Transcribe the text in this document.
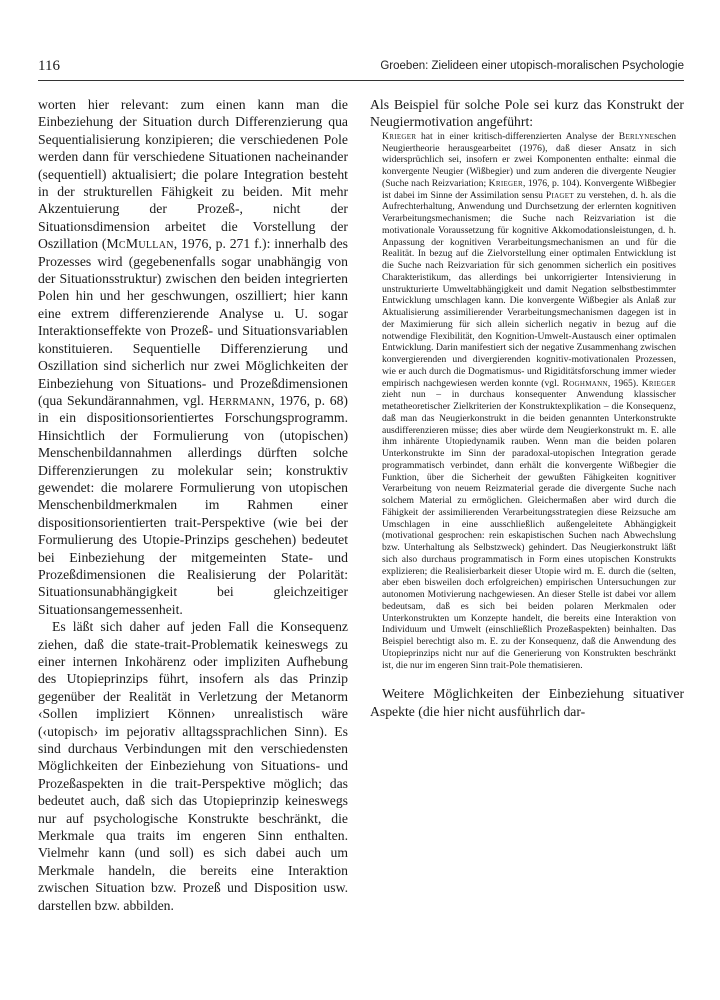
116	Groeben: Zielideen einer utopisch-moralischen Psychologie

worten hier relevant: zum einen kann man die Einbeziehung der Situation durch Differenzierung qua Sequentialisierung konzipieren; die verschiedenen Pole werden dann für verschiedene Situationen nacheinander (sequentiell) aktualisiert; die polare Integration besteht in der strukturellen Fähigkeit zu beiden. Mit mehr Akzentuierung der Prozeß-, nicht der Situationsdimension arbeitet die Vorstellung der Oszillation (McMullan, 1976, p. 271 f.): innerhalb des Prozesses wird (gegebenenfalls sogar unabhängig von der Situationsstruktur) zwischen den beiden integrierten Polen hin und her geschwungen, oszilliert; hier kann eine extrem differenzierende Analyse u. U. sogar Interaktionseffekte von Prozeß- und Situationsvariablen konstituieren. Sequentielle Differenzierung und Oszillation sind sicherlich nur zwei Möglichkeiten der Einbeziehung von Situations- und Prozeßdimensionen (qua Sekundärannahmen, vgl. Herrmann, 1976, p. 68) in ein dispositionsorientiertes Forschungsprogramm. Hinsichtlich der Formulierung von (utopischen) Menschenbildannahmen allerdings dürften solche Differenzierungen zu molekular sein; konstruktiv gewendet: die molarere Formulierung von utopischen Menschenbildmerkmalen im Rahmen einer dispositionsorientierten trait-Perspektive (wie bei der Formulierung des Utopie-Prinzips geschehen) bedeutet bei Einbeziehung der mitgemeinten State- und Prozeßdimensionen die Realisierung der Polarität: Situationsunabhängigkeit bei gleichzeitiger Situationsangemessenheit.

Es läßt sich daher auf jeden Fall die Konsequenz ziehen, daß die state-trait-Problematik keineswegs zu einer internen Inkohärenz oder impliziten Aufhebung des Utopieprinzips führt, insofern als das Prinzip gegenüber der Realität in Verletzung der Metanorm ‹Sollen impliziert Können› unrealistisch wäre (‹utopisch› im pejorativ alltagssprachlichen Sinn). Es sind durchaus Verbindungen mit den verschiedensten Möglichkeiten der Einbeziehung von Situations- und Prozeßaspekten in die trait-Perspektive möglich; das bedeutet auch, daß sich das Utopieprinzip keineswegs nur auf psychologische Konstrukte beschränkt, die Merkmale qua traits im engeren Sinn enthalten. Vielmehr kann (und soll) es sich dabei auch um Merkmale handeln, die bereits eine Interaktion zwischen Situation bzw. Prozeß und Disposition usw. darstellen bzw. abbilden.

Als Beispiel für solche Pole sei kurz das Konstrukt der Neugiermotivation angeführt:

Krieger hat in einer kritisch-differenzierten Analyse der Berlyneschen Neugiertheorie herausgearbeitet (1976), daß dieser Ansatz in sich widersprüchlich sei, insofern er zwei Komponenten enthalte: einmal die konvergente Neugier (Wißbegier) und zum anderen die divergente Neugier (Suche nach Reizvariation; Krieger, 1976, p. 104). Konvergente Wißbegier ist dabei im Sinne der Assimilation sensu Piaget zu verstehen, d. h. als die Aufrechterhaltung, Anwendung und Durchsetzung der erlernten kognitiven Verarbeitungsmechanismen; die Suche nach Reizvariation ist die motivationale Voraussetzung für kognitive Akkomodationsleistungen, d. h. Anpassung der kognitiven Verarbeitungsmechanismen an und für die Realität. In bezug auf die Zielvorstellung einer optimalen Entwicklung ist die Suche nach Reizvariation für sich genommen sicherlich ein positives Charakteristikum, das allerdings bei unkorrigierter Intensivierung in unstrukturierte Umweltabhängigkeit und damit Negation selbstbestimmter Entwicklung umschlagen kann. Die konvergente Wißbegier als Anlaß zur Aktualisierung assimilierender Verarbeitungsmechanismen dagegen ist in der Maximierung für sich allein sicherlich negativ in bezug auf die notwendige Flexibilität, den Kognition-Umwelt-Austausch einer optimalen Entwicklung. Darin manifestiert sich der negative Zusammenhang zwischen konvergierenden und divergierenden kognitiv-motivationalen Prozessen, wie er auch durch die Dogmatismus- und Rigiditätsforschung immer wieder empirisch nachgewiesen werden konnte (vgl. Roghmann, 1965). Krieger zieht nun – in durchaus konsequenter Anwendung klassischer metatheoretischer Zielkriterien der Konstruktexplikation – die Konsequenz, daß man das Neugierkonstrukt in die beiden genannten Unterkonstrukte ausdifferenzieren müsse; dies aber würde dem Neugierkonstrukt m. E. alle ihm inhärente Utopiedynamik rauben. Wenn man die beiden polaren Unterkonstrukte im Sinn der paradoxal-utopischen Integration gerade programmatisch verbindet, dann erhält die konvergente Wißbegier die Funktion, über die Sicherheit der gewußten Fähigkeiten kognitiver Verarbeitung von neuem Reizmaterial gerade die divergente Suche nach solchem Material zu ermöglichen. Gleichermaßen aber wird durch die Fähigkeit der assimilierenden Verarbeitungsstrategien diese Reizsuche am Umschlagen in eine ausschließlich außengeleitete Abhängigkeit (motivational gesprochen: rein eskapistischen Suchen nach Abwechslung bzw. Unterhaltung als Selbstzweck) gehindert. Das Neugierkonstrukt läßt sich also durchaus programmatisch in Form eines utopischen Konstrukts explizieren; die Realisierbarkeit dieser Utopie wird m. E. durch die (selten, aber eben bisweilen doch erfolgreichen) empirischen Untersuchungen zur autonomen Motivierung nachgewiesen. An dieser Stelle ist dabei vor allem bedeutsam, daß es sich bei beiden polaren Merkmalen oder Unterkonstrukten um Konzepte handelt, die bereits eine Interaktion von Individuum und Umwelt (einschließlich Prozeßaspekten) beinhalten. Das Beispiel berechtigt also m. E. zu der Konsequenz, daß die Anwendung des Utopieprinzips nicht nur auf die Generierung von Konstrukten beschränkt ist, die nur im engeren Sinn trait-Pole thematisieren.

Weitere Möglichkeiten der Einbeziehung situativer Aspekte (die hier nicht ausführlich dar-
